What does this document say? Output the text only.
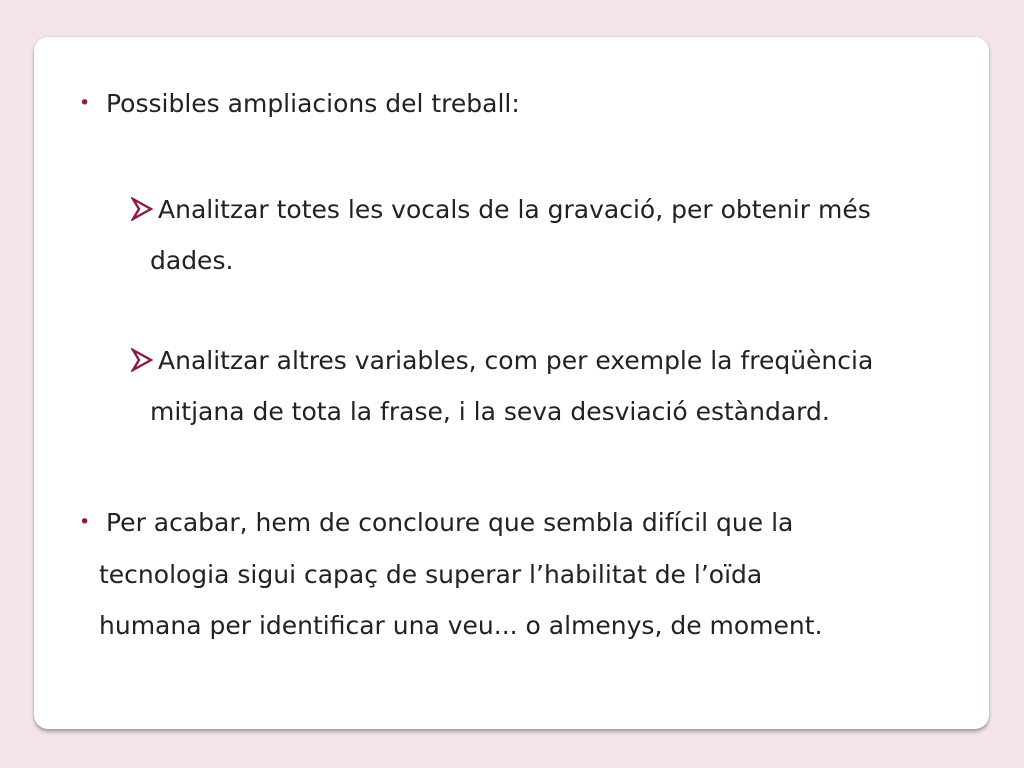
• Possibles ampliacions del treball:
Analitzar totes les vocals de la gravació, per obtenir més
dades.
Analitzar altres variables, com per exemple la freqüència
mitjana de tota la frase, i la seva desviació estàndard.
• Per acabar, hem de concloure que sembla difícil que la
tecnologia sigui capaç de superar l’habilitat de l’oïda
humana per identificar una veu... o almenys, de moment.
